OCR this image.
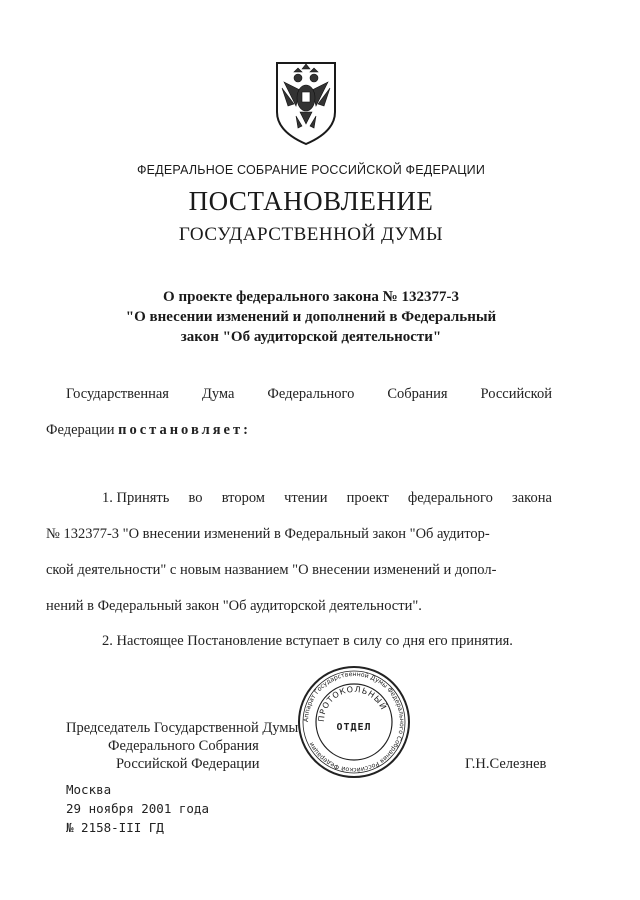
ФЕДЕРАЛЬНОЕ СОБРАНИЕ РОССИЙСКОЙ ФЕДЕРАЦИИ
ПОСТАНОВЛЕНИЕ
ГОСУДАРСТВЕННОЙ ДУМЫ
О проекте федерального закона № 132377-3
"О внесении изменений и дополнений в Федеральный
закон "Об аудиторской деятельности"
Государственная Дума Федерального Собрания Российской
Федерации постановляет:
1. Принять во втором чтении проект федерального закона
№ 132377-3 "О внесении изменений в Федеральный закон "Об аудитор-
ской деятельности" с новым названием "О внесении изменений и допол-
нений в Федеральный закон "Об аудиторской деятельности".
2. Настоящее Постановление вступает в силу со дня его принятия.
Председатель Государственной Думы
Федерального Собрания
Российской Федерации	Г.Н.Селезнев
Аппарат Государственной Думы Федерального Собрания Российской Федерации
ПРОТОКОЛЬНЫЙ
ОТДЕЛ
Москва
29 ноября 2001 года
№ 2158-III ГД
